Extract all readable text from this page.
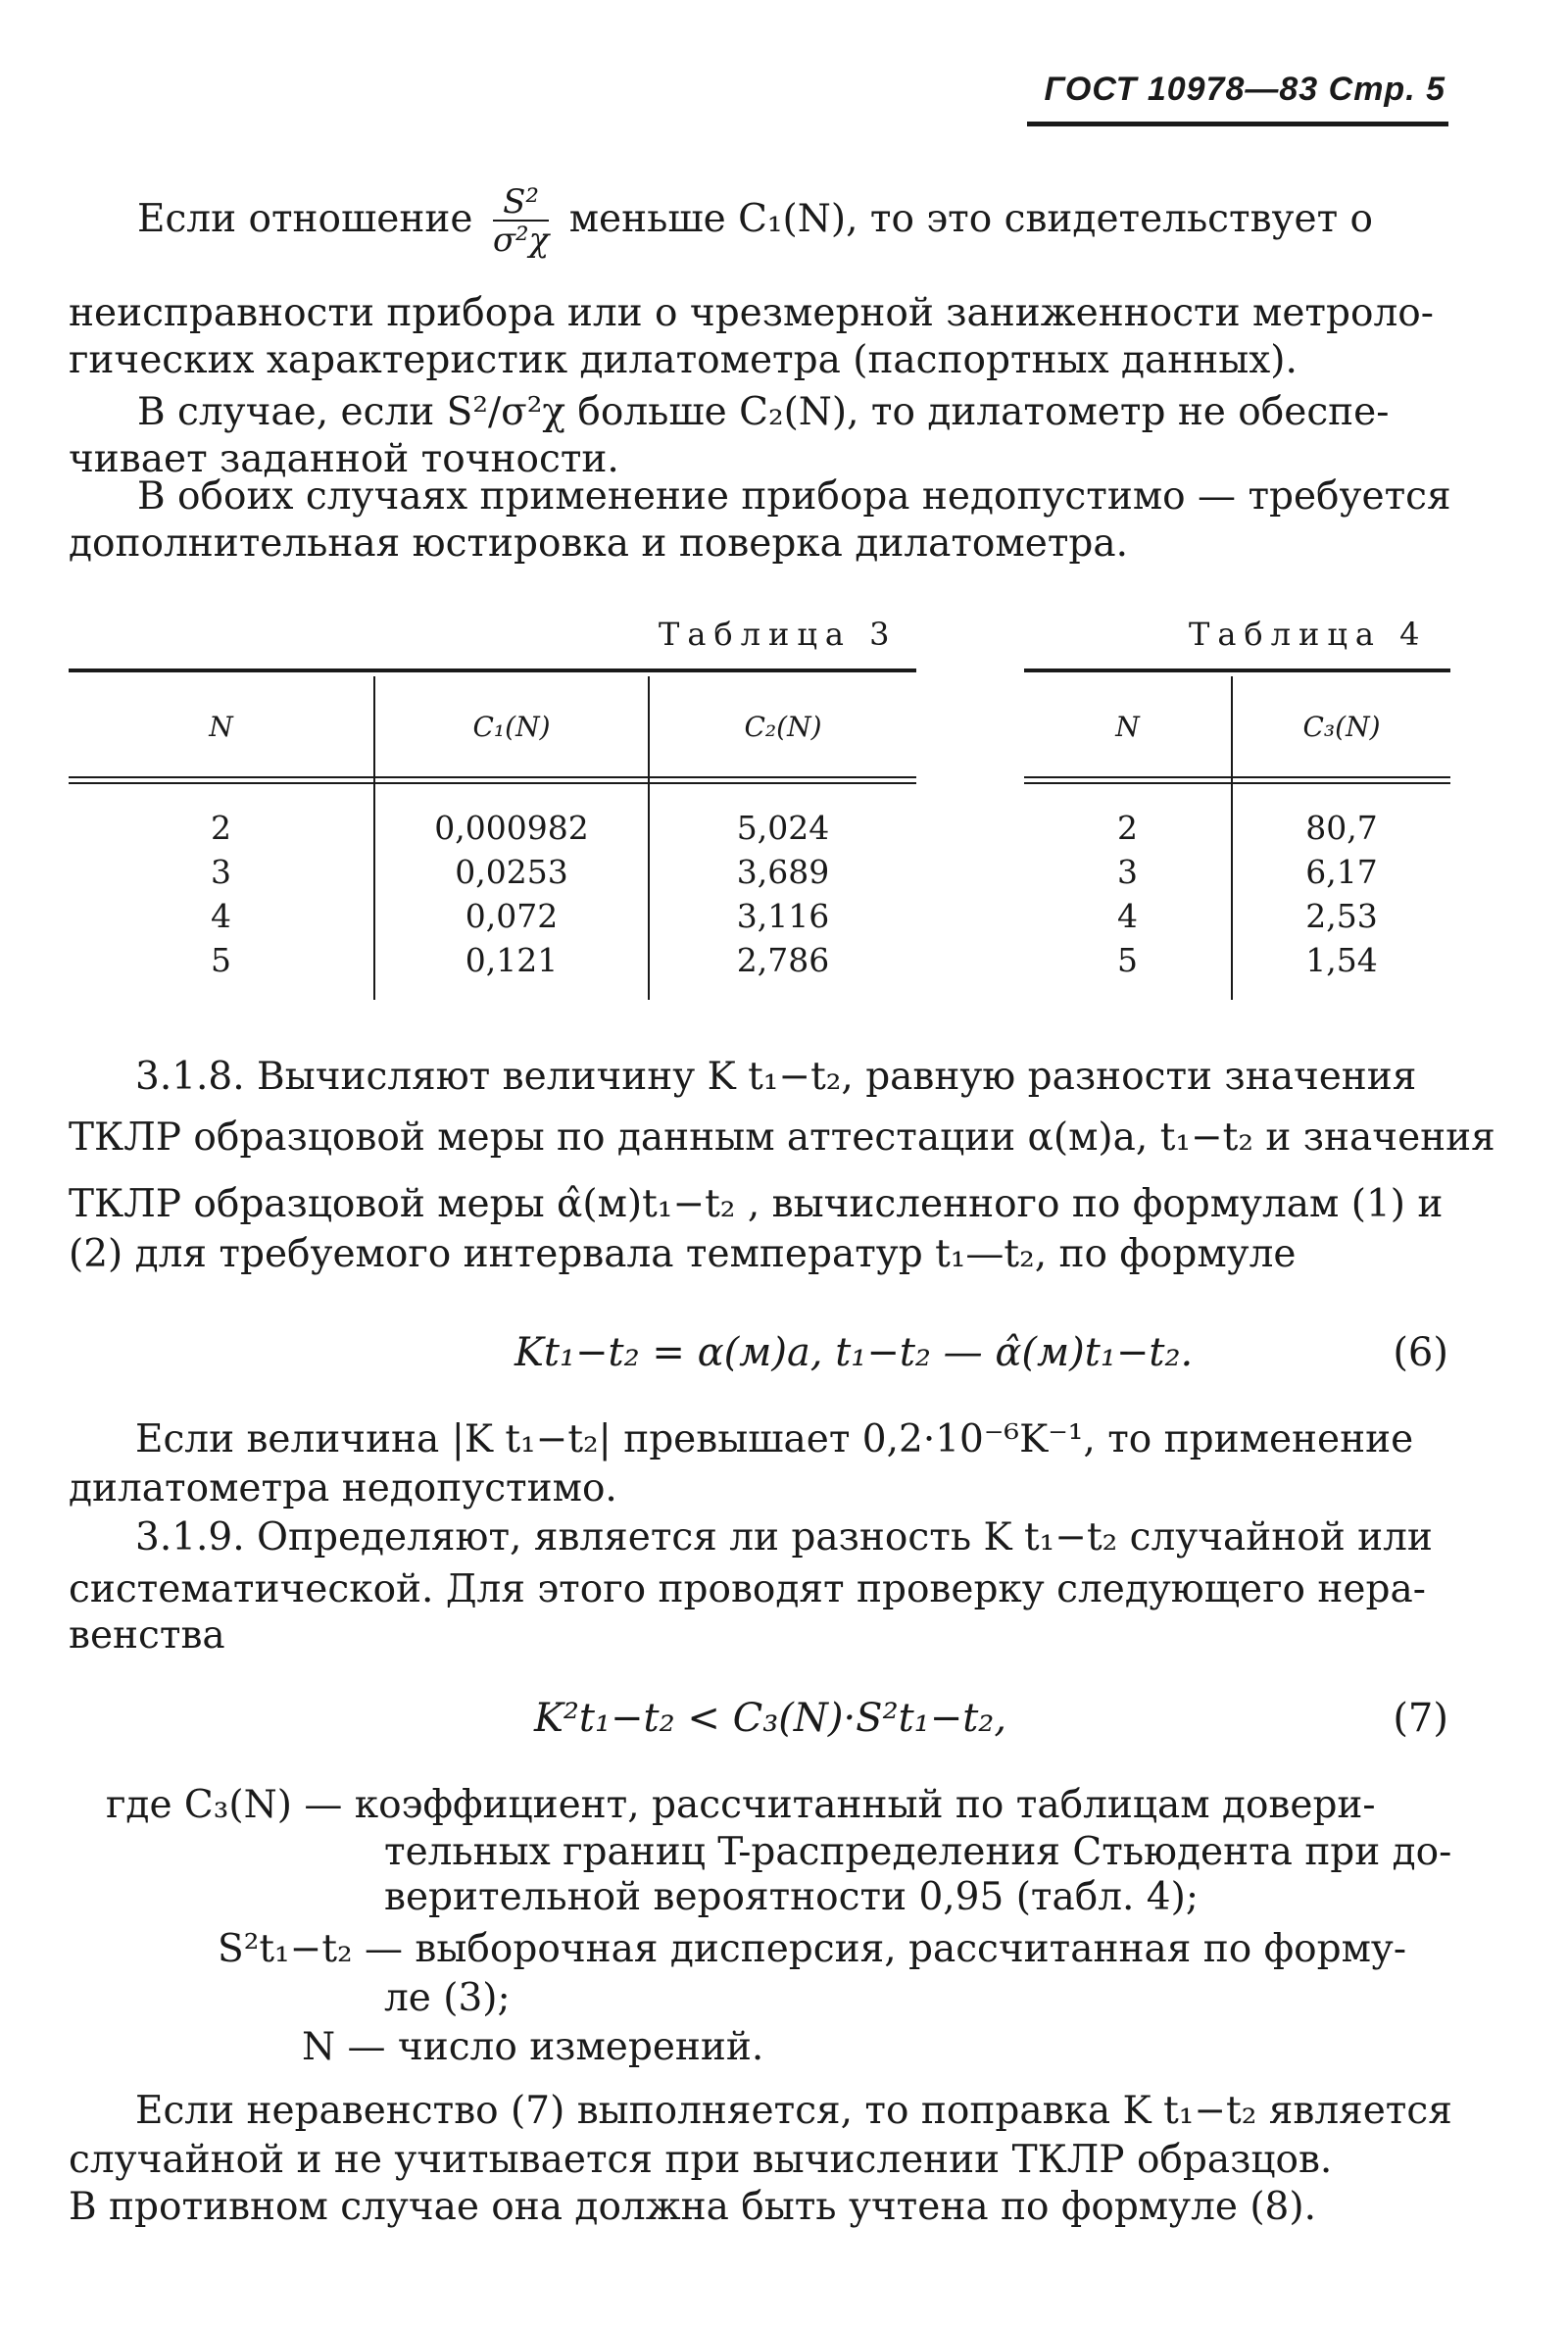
ГОСТ 10978—83 Стр. 5
Если отношение $\frac{\text{S²}}{\text{σ²χ}}$ меньше C₁(N), то это свидетельствует о
неисправности прибора или о чрезмерной заниженности метроло-
гических характеристик дилатометра (паспортных данных).
В случае, если S²/σ²χ больше C₂(N), то дилатометр не обеспе-
чивает заданной точности.
В обоих случаях применение прибора недопустимо — требуется
дополнительная юстировка и поверка дилатометра.
Таблица 3
N	C₁(N)	C₂(N)
2	0,000982	5,024
3	0,0253	3,689
4	0,072	3,116
5	0,121	2,786
Таблица 4
N	C₃(N)
2	80,7
3	6,17
4	2,53
5	1,54
3.1.8. Вычисляют величину K t₁−t₂, равную разности значения
ТКЛР образцовой меры по данным аттестации α(м)a, t₁−t₂ и значения
ТКЛР образцовой меры α̂(м)t₁−t₂ , вычисленного по формулам (1) и
(2) для требуемого интервала температур t₁—t₂, по формуле
Kt₁−t₂ = α(м)a, t₁−t₂ — α̂(м)t₁−t₂.	(6)
Если величина |K t₁−t₂| превышает 0,2·10⁻⁶K⁻¹, то применение
дилатометра недопустимо.
3.1.9. Определяют, является ли разность K t₁−t₂ случайной или
систематической. Для этого проводят проверку следующего нера-
венства
K²t₁−t₂ < C₃(N)·S²t₁−t₂,	(7)
где C₃(N) — коэффициент, рассчитанный по таблицам довери-
тельных границ T-распределения Стьюдента при до-
верительной вероятности 0,95 (табл. 4);
S²t₁−t₂ — выборочная дисперсия, рассчитанная по форму-
ле (3);
N — число измерений.
Если неравенство (7) выполняется, то поправка K t₁−t₂ является
случайной и не учитывается при вычислении ТКЛР образцов.
В противном случае она должна быть учтена по формуле (8).
